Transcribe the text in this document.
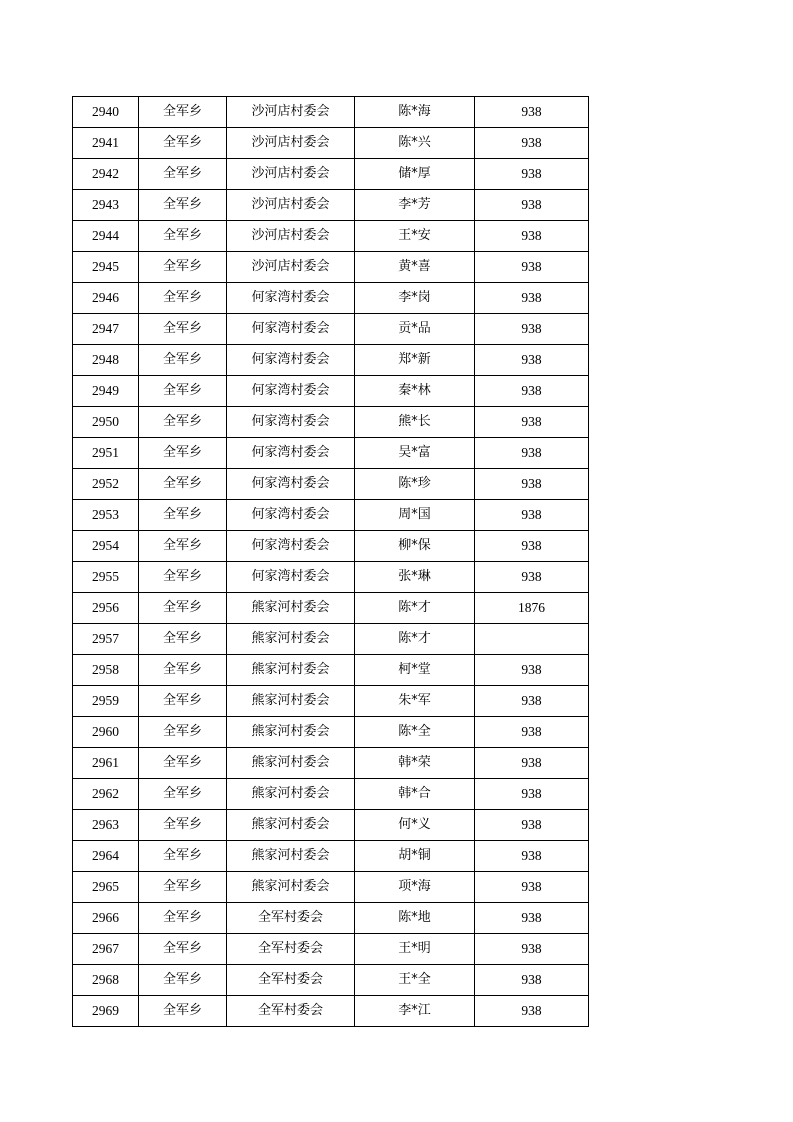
2940	全军乡	沙河店村委会	陈*海	938
2941	全军乡	沙河店村委会	陈*兴	938
2942	全军乡	沙河店村委会	储*厚	938
2943	全军乡	沙河店村委会	李*芳	938
2944	全军乡	沙河店村委会	王*安	938
2945	全军乡	沙河店村委会	黄*喜	938
2946	全军乡	何家湾村委会	李*岗	938
2947	全军乡	何家湾村委会	贡*品	938
2948	全军乡	何家湾村委会	郑*新	938
2949	全军乡	何家湾村委会	秦*林	938
2950	全军乡	何家湾村委会	熊*长	938
2951	全军乡	何家湾村委会	吴*富	938
2952	全军乡	何家湾村委会	陈*珍	938
2953	全军乡	何家湾村委会	周*国	938
2954	全军乡	何家湾村委会	柳*保	938
2955	全军乡	何家湾村委会	张*琳	938
2956	全军乡	熊家河村委会	陈*才	1876
2957	全军乡	熊家河村委会	陈*才	
2958	全军乡	熊家河村委会	柯*堂	938
2959	全军乡	熊家河村委会	朱*军	938
2960	全军乡	熊家河村委会	陈*全	938
2961	全军乡	熊家河村委会	韩*荣	938
2962	全军乡	熊家河村委会	韩*合	938
2963	全军乡	熊家河村委会	何*义	938
2964	全军乡	熊家河村委会	胡*铜	938
2965	全军乡	熊家河村委会	项*海	938
2966	全军乡	全军村委会	陈*地	938
2967	全军乡	全军村委会	王*明	938
2968	全军乡	全军村委会	王*全	938
2969	全军乡	全军村委会	李*江	938
